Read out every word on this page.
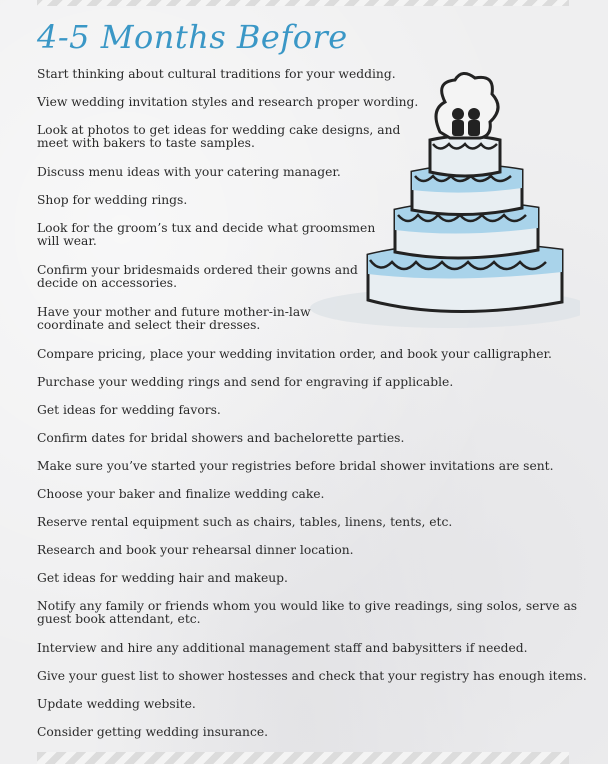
4-5 Months Before
Start thinking about cultural traditions for your wedding.
View wedding invitation styles and research proper wording.
Look at photos to get ideas for wedding cake designs, and
meet with bakers to taste samples.
Discuss menu ideas with your catering manager.
Shop for wedding rings.
Look for the groom’s tux and decide what groomsmen
will wear.
Confirm your bridesmaids ordered their gowns and
decide on accessories.
Have your mother and future mother-in-law
coordinate and select their dresses.
Compare pricing, place your wedding invitation order, and book your calligrapher.
Purchase your wedding rings and send for engraving if applicable.
Get ideas for wedding favors.
Confirm dates for bridal showers and bachelorette parties.
Make sure you’ve started your registries before bridal shower invitations are sent.
Choose your baker and finalize wedding cake.
Reserve rental equipment such as chairs, tables, linens, tents, etc.
Research and book your rehearsal dinner location.
Get ideas for wedding hair and makeup.
Notify any family or friends whom you would like to give readings, sing solos, serve as
guest book attendant, etc.
Interview and hire any additional management staff and babysitters if needed.
Give your guest list to shower hostesses and check that your registry has enough items.
Update wedding website.
Consider getting wedding insurance.
